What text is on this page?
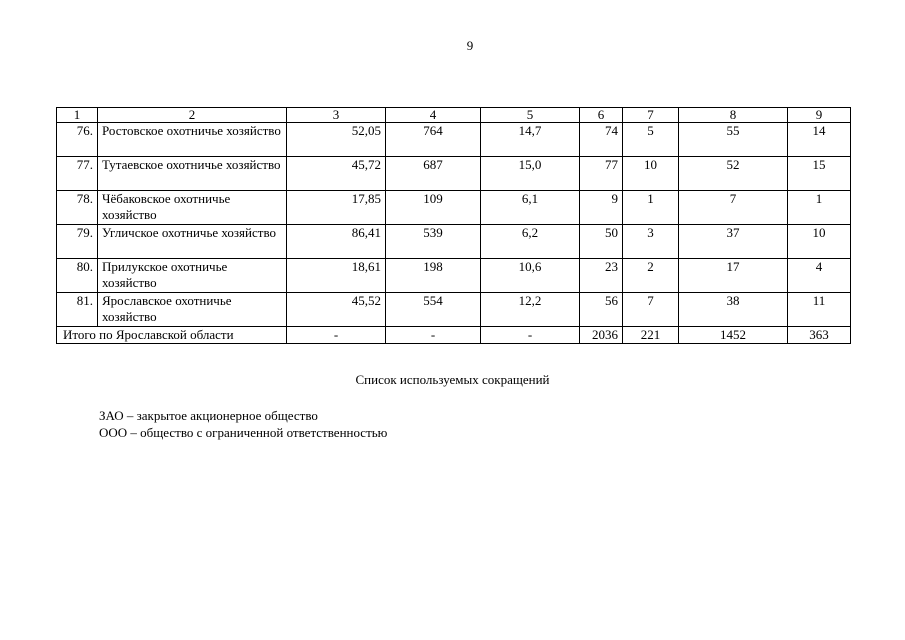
9
1	2	3	4	5	6	7	8	9
76.	Ростовское охотничье хозяйство	52,05	764	14,7	74	5	55	14
77.	Тутаевское охотничье хозяйство	45,72	687	15,0	77	10	52	15
78.	Чёбаковское охотничье хозяйство	17,85	109	6,1	9	1	7	1
79.	Угличское охотничье хозяйство	86,41	539	6,2	50	3	37	10
80.	Прилукское охотничье хозяйство	18,61	198	10,6	23	2	17	4
81.	Ярославское охотничье хозяйство	45,52	554	12,2	56	7	38	11
Итого по Ярославской области		-	-	-	2036	221	1452	363
Список используемых сокращений
ЗАО – закрытое акционерное общество
ООО – общество с ограниченной ответственностью
